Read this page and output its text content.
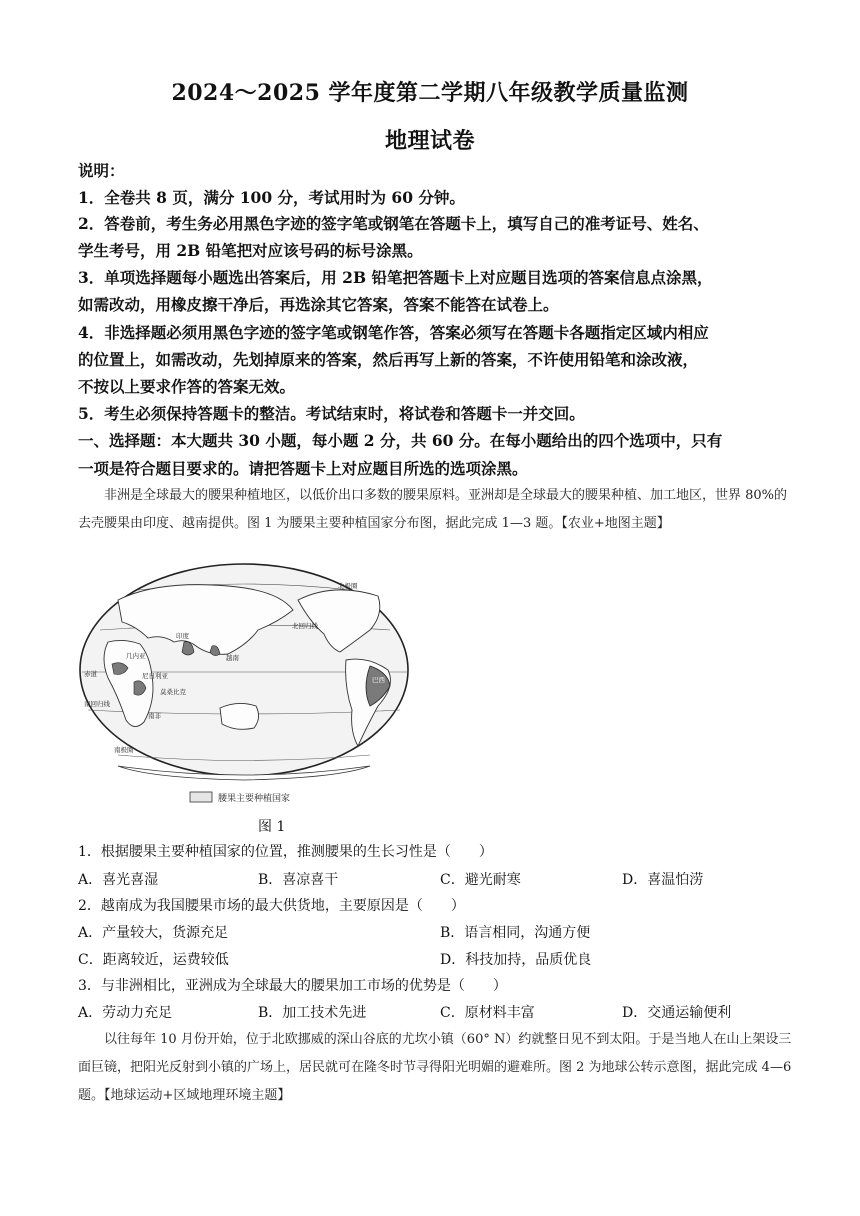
2024～2025 学年度第二学期八年级教学质量监测
地理试卷
说明：
1．全卷共 8 页，满分 100 分，考试用时为 60 分钟。
2．答卷前，考生务必用黑色字迹的签字笔或钢笔在答题卡上，填写自己的准考证号、姓名、
学生考号，用 2B 铅笔把对应该号码的标号涂黑。
3．单项选择题每小题选出答案后，用 2B 铅笔把答题卡上对应题目选项的答案信息点涂黑，
如需改动，用橡皮擦干净后，再选涂其它答案，答案不能答在试卷上。
4．非选择题必须用黑色字迹的签字笔或钢笔作答，答案必须写在答题卡各题指定区域内相应
的位置上，如需改动，先划掉原来的答案，然后再写上新的答案，不许使用铅笔和涂改液，
不按以上要求作答的答案无效。
5．考生必须保持答题卡的整洁。考试结束时，将试卷和答题卡一并交回。
一、选择题：本大题共 30 小题，每小题 2 分，共 60 分。在每小题给出的四个选项中，只有
一项是符合题目要求的。请把答题卡上对应题目所选的选项涂黑。
非洲是全球最大的腰果种植地区，以低价出口多数的腰果原料。亚洲却是全球最大的腰果种植、加工地区，世界 80%的去壳腰果由印度、越南提供。图 1 为腰果主要种植国家分布图，据此完成 1—3 题。【农业+地图主题】
北回归线
北极圈
赤道
南回归线
南极圈
印度
越南
几内亚
尼日利亚
莫桑比克
南非
巴西
腰果主要种植国家
图 1
1．根据腰果主要种植国家的位置，推测腰果的生长习性是（　　）
A．喜光喜湿	B．喜凉喜干	C．避光耐寒	D．喜温怕涝
2．越南成为我国腰果市场的最大供货地，主要原因是（　　）
A．产量较大，货源充足	B．语言相同，沟通方便
C．距离较近，运费较低	D．科技加持，品质优良
3．与非洲相比，亚洲成为全球最大的腰果加工市场的优势是（　　）
A．劳动力充足	B．加工技术先进	C．原材料丰富	D．交通运输便利
以往每年 10 月份开始，位于北欧挪威的深山谷底的尤坎小镇（60° N）约就整日见不到太阳。于是当地人在山上架设三面巨镜，把阳光反射到小镇的广场上，居民就可在隆冬时节寻得阳光明媚的避难所。图 2 为地球公转示意图，据此完成 4—6 题。【地球运动+区域地理环境主题】
